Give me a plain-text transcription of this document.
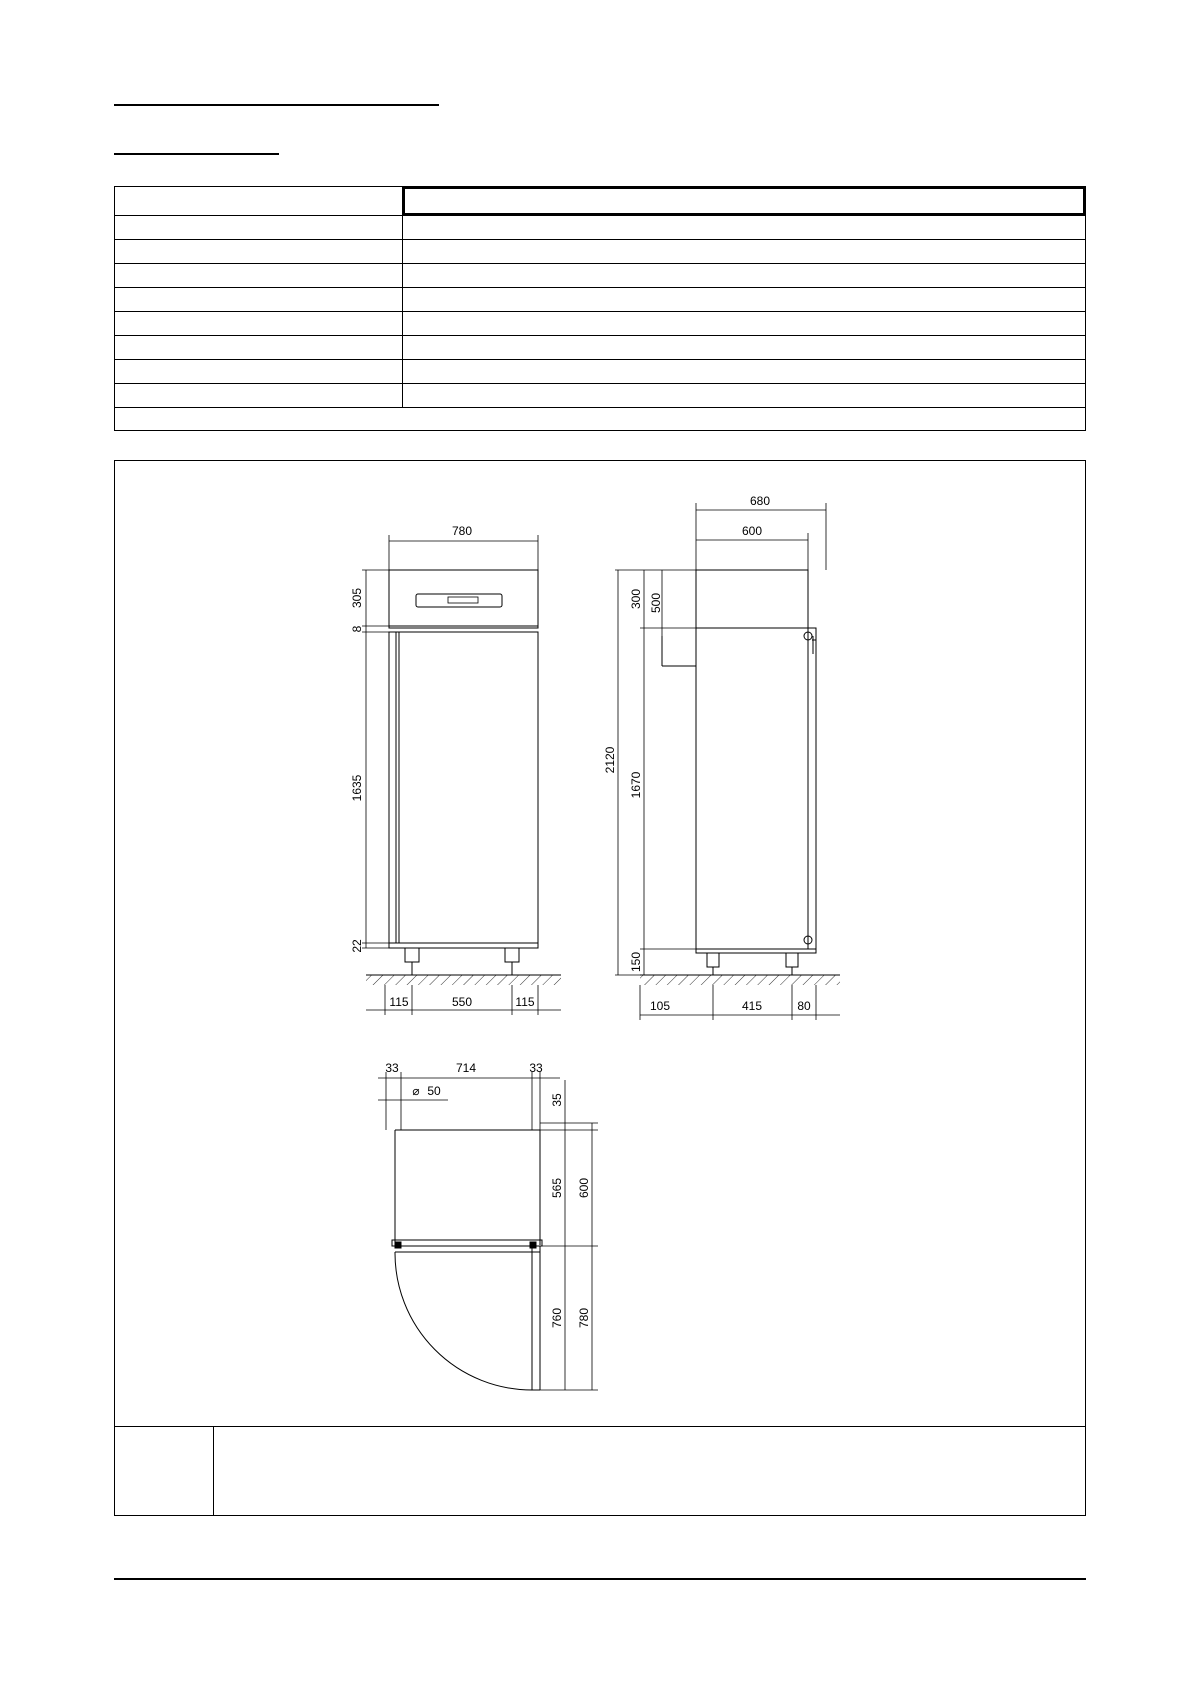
780
305
8
1635
22
115	550	115
680
600
300 500
2120
1670
150
105	415	80
33	714	33
⌀ 50
35
565 600
760 780
